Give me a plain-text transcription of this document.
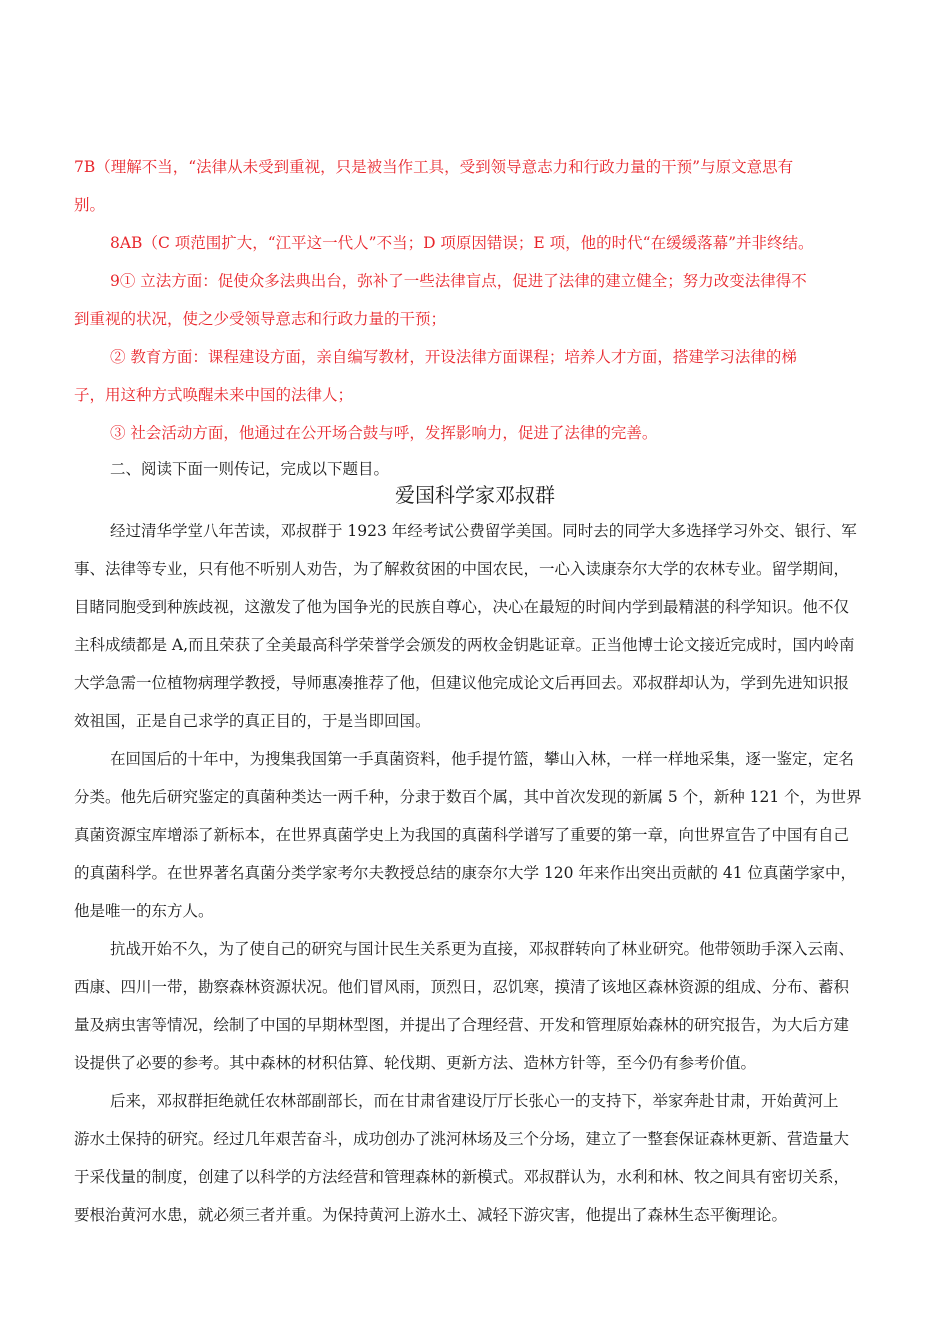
7B（理解不当，“法律从未受到重视，只是被当作工具，受到领导意志力和行政力量的干预”与原文意思有
别。
8AB（C 项范围扩大，“江平这一代人”不当；D 项原因错误；E 项，他的时代“在缓缓落幕”并非终结。
9① 立法方面：促使众多法典出台，弥补了一些法律盲点，促进了法律的建立健全；努力改变法律得不
到重视的状况，使之少受领导意志和行政力量的干预；
② 教育方面：课程建设方面，亲自编写教材，开设法律方面课程；培养人才方面，搭建学习法律的梯
子，用这种方式唤醒未来中国的法律人；
③ 社会活动方面，他通过在公开场合鼓与呼，发挥影响力，促进了法律的完善。
二、阅读下面一则传记，完成以下题目。
爱国科学家邓叔群
经过清华学堂八年苦读，邓叔群于 1923 年经考试公费留学美国。同时去的同学大多选择学习外交、银行、军
事、法律等专业，只有他不听别人劝告，为了解救贫困的中国农民，一心入读康奈尔大学的农林专业。留学期间，
目睹同胞受到种族歧视，这激发了他为国争光的民族自尊心，决心在最短的时间内学到最精湛的科学知识。他不仅
主科成绩都是 A,而且荣获了全美最高科学荣誉学会颁发的两枚金钥匙证章。正当他博士论文接近完成时，国内岭南
大学急需一位植物病理学教授，导师惠凑推荐了他，但建议他完成论文后再回去。邓叔群却认为，学到先进知识报
效祖国，正是自己求学的真正目的，于是当即回国。
在回国后的十年中，为搜集我国第一手真菌资料，他手提竹篮，攀山入林，一样一样地采集，逐一鉴定，定名
分类。他先后研究鉴定的真菌种类达一两千种，分隶于数百个属，其中首次发现的新属 5 个，新种 121 个，为世界
真菌资源宝库增添了新标本，在世界真菌学史上为我国的真菌科学谱写了重要的第一章，向世界宣告了中国有自己
的真菌科学。在世界著名真菌分类学家考尔夫教授总结的康奈尔大学 120 年来作出突出贡献的 41 位真菌学家中，
他是唯一的东方人。
抗战开始不久，为了使自己的研究与国计民生关系更为直接，邓叔群转向了林业研究。他带领助手深入云南、
西康、四川一带，勘察森林资源状况。他们冒风雨，顶烈日，忍饥寒，摸清了该地区森林资源的组成、分布、蓄积
量及病虫害等情况，绘制了中国的早期林型图，并提出了合理经营、开发和管理原始森林的研究报告，为大后方建
设提供了必要的参考。其中森林的材积估算、轮伐期、更新方法、造林方针等，至今仍有参考价值。
后来，邓叔群拒绝就任农林部副部长，而在甘肃省建设厅厅长张心一的支持下，举家奔赴甘肃，开始黄河上
游水土保持的研究。经过几年艰苦奋斗，成功创办了洮河林场及三个分场，建立了一整套保证森林更新、营造量大
于采伐量的制度，创建了以科学的方法经营和管理森林的新模式。邓叔群认为，水利和林、牧之间具有密切关系，
要根治黄河水患，就必须三者并重。为保持黄河上游水土、减轻下游灾害，他提出了森林生态平衡理论。
